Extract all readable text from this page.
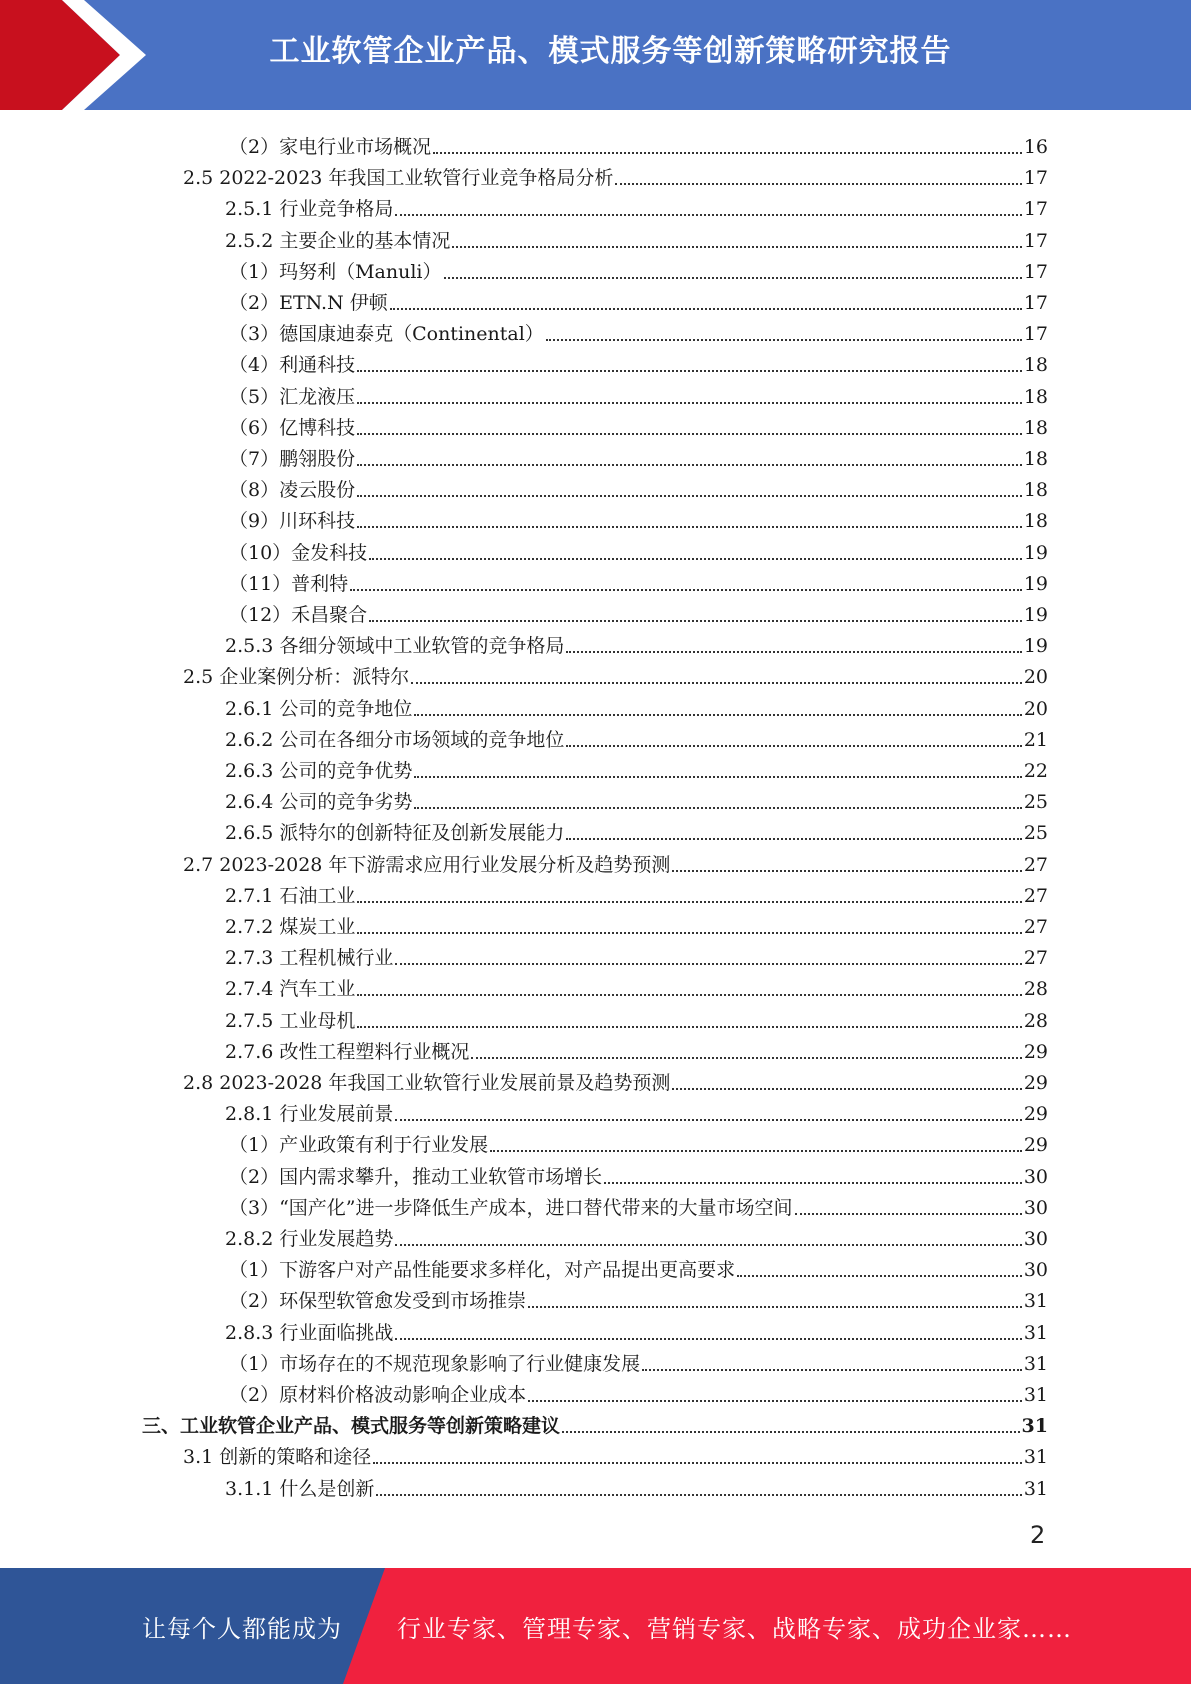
工业软管企业产品、模式服务等创新策略研究报告
（2）家电行业市场概况	16
2.5 2022-2023 年我国工业软管行业竞争格局分析	17
2.5.1 行业竞争格局	17
2.5.2 主要企业的基本情况	17
（1）玛努利（Manuli）	17
（2）ETN.N 伊顿	17
（3）德国康迪泰克（Continental）	17
（4）利通科技	18
（5）汇龙液压	18
（6）亿博科技	18
（7）鹏翎股份	18
（8）凌云股份	18
（9）川环科技	18
（10）金发科技	19
（11）普利特	19
（12）禾昌聚合	19
2.5.3 各细分领域中工业软管的竞争格局	19
2.5 企业案例分析：派特尔	20
2.6.1 公司的竞争地位	20
2.6.2 公司在各细分市场领域的竞争地位	21
2.6.3 公司的竞争优势	22
2.6.4 公司的竞争劣势	25
2.6.5 派特尔的创新特征及创新发展能力	25
2.7 2023-2028 年下游需求应用行业发展分析及趋势预测	27
2.7.1 石油工业	27
2.7.2 煤炭工业	27
2.7.3 工程机械行业	27
2.7.4 汽车工业	28
2.7.5 工业母机	28
2.7.6 改性工程塑料行业概况	29
2.8 2023-2028 年我国工业软管行业发展前景及趋势预测	29
2.8.1 行业发展前景	29
（1）产业政策有利于行业发展	29
（2）国内需求攀升，推动工业软管市场增长	30
（3）“国产化”进一步降低生产成本，进口替代带来的大量市场空间	30
2.8.2 行业发展趋势	30
（1）下游客户对产品性能要求多样化，对产品提出更高要求	30
（2）环保型软管愈发受到市场推崇	31
2.8.3 行业面临挑战	31
（1）市场存在的不规范现象影响了行业健康发展	31
（2）原材料价格波动影响企业成本	31
三、工业软管企业产品、模式服务等创新策略建议	31
3.1 创新的策略和途径	31
3.1.1 什么是创新	31
2
让每个人都能成为 行业专家、管理专家、营销专家、战略专家、成功企业家……
